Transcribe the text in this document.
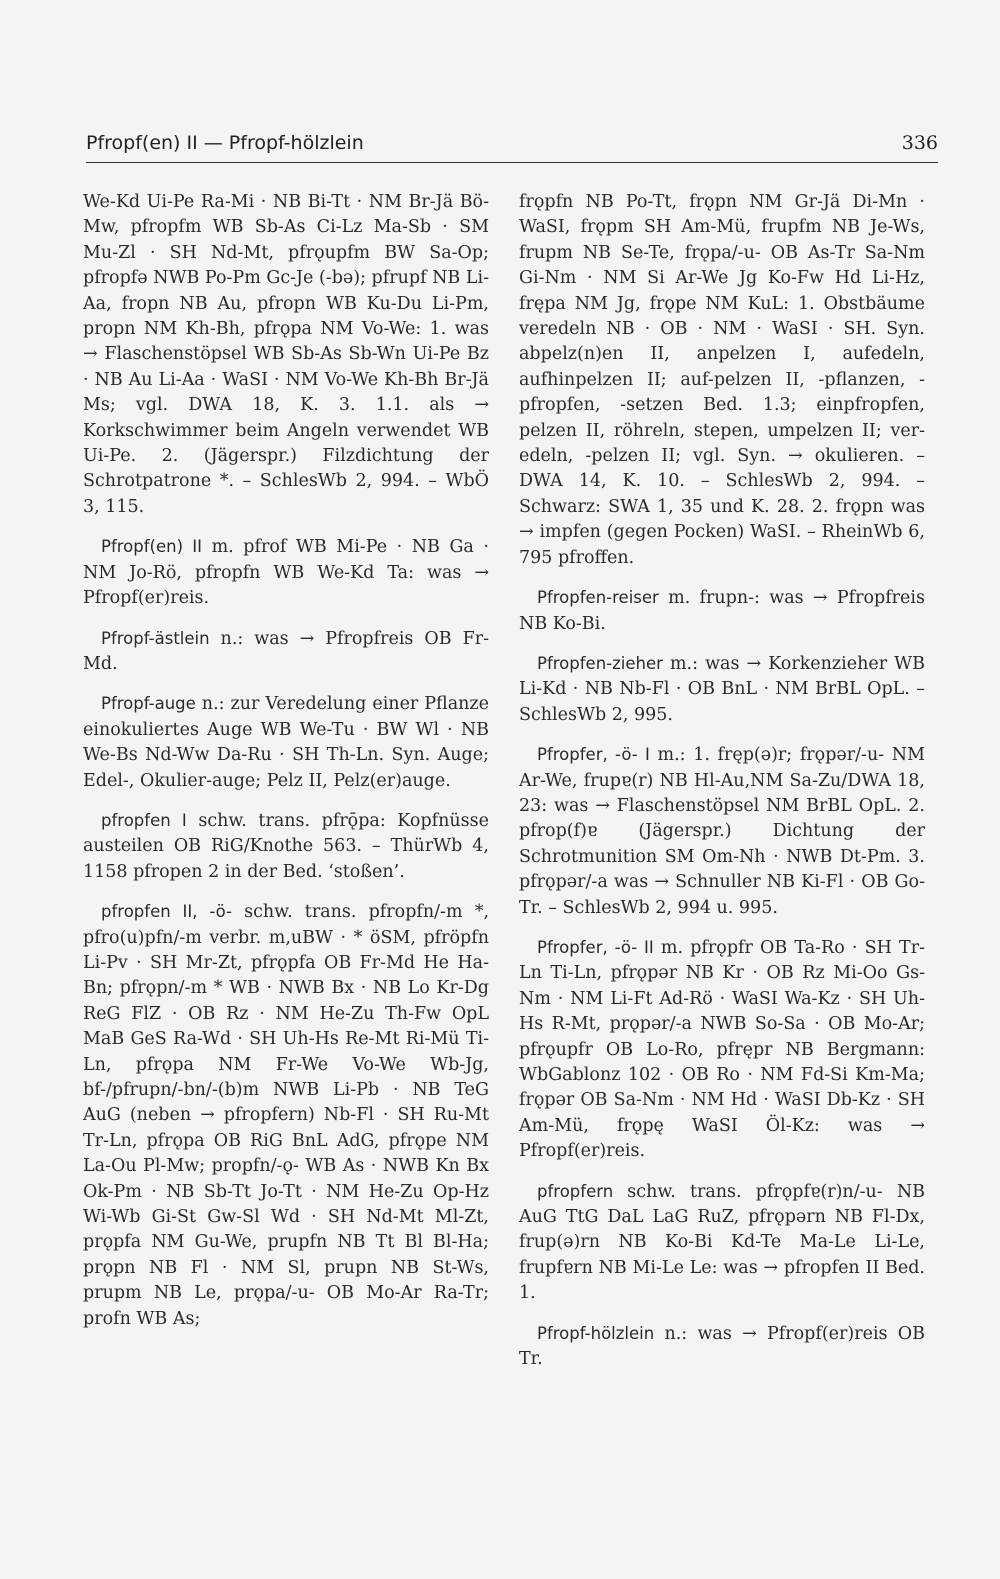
Pfropf(en) II — Pfropf-hölzlein	336

We-Kd Ui-Pe Ra-Mi · NB Bi-Tt · NM Br-Jä Bö-Mw, pfropfm WB Sb-As Ci-Lz Ma-Sb · SM Mu-Zl · SH Nd-Mt, pfrǫupfm BW Sa-Op; pfropfə NWB Po-Pm Gc-Je (-bə); pfrupf NB Li-Aa, fropn NB Au, pfropn WB Ku-Du Li-Pm, propn NM Kh-Bh, pfrǫpa NM Vo-We: 1. was → Flaschenstöpsel WB Sb-As Sb-Wn Ui-Pe Bz · NB Au Li-Aa · WaSI · NM Vo-We Kh-Bh Br-Jä Ms; vgl. DWA 18, K. 3. 1.1. als → Korkschwimmer beim Angeln verwendet WB Ui-Pe. 2. (Jägerspr.) Filzdichtung der Schrotpatrone *. – SchlesWb 2, 994. – WbÖ 3, 115.

Pfropf(en) II m. pfrof WB Mi-Pe · NB Ga · NM Jo-Rö, pfropfn WB We-Kd Ta: was → Pfropf(er)reis.

Pfropf-ästlein n.: was → Pfropfreis OB Fr-Md.

Pfropf-auge n.: zur Veredelung einer Pflanze einokuliertes Auge WB We-Tu · BW Wl · NB We-Bs Nd-Ww Da-Ru · SH Th-Ln. Syn. Auge; Edel-, Okulier-auge; Pelz II, Pelz(er)auge.

pfropfen I schw. trans. pfrǭpa: Kopfnüsse austeilen OB RiG/Knothe 563. – ThürWb 4, 1158 pfropen 2 in der Bed. ‘stoßen’.

pfropfen II, -ö- schw. trans. pfropfn/-m *, pfro(u)pfn/-m verbr. m,uBW · * öSM, pfröpfn Li-Pv · SH Mr-Zt, pfrǫpfa OB Fr-Md He Ha-Bn; pfrǫpn/-m * WB · NWB Bx · NB Lo Kr-Dg ReG FlZ · OB Rz · NM He-Zu Th-Fw OpL MaB GeS Ra-Wd · SH Uh-Hs Re-Mt Ri-Mü Ti-Ln, pfrǫpa NM Fr-We Vo-We Wb-Jg, bf-/pfrupn/-bn/-(b)m NWB Li-Pb · NB TeG AuG (neben → pfropfern) Nb-Fl · SH Ru-Mt Tr-Ln, pfrǫpa OB RiG BnL AdG, pfrǫpe NM La-Ou Pl-Mw; propfn/-ǫ- WB As · NWB Kn Bx Ok-Pm · NB Sb-Tt Jo-Tt · NM He-Zu Op-Hz Wi-Wb Gi-St Gw-Sl Wd · SH Nd-Mt Ml-Zt, prǫpfa NM Gu-We, prupfn NB Tt Bl Bl-Ha; prǫpn NB Fl · NM Sl, prupn NB St-Ws, prupm NB Le, prǫpa/-u- OB Mo-Ar Ra-Tr; profn WB As;

frǫpfn NB Po-Tt, frǫpn NM Gr-Jä Di-Mn · WaSI, frǫpm SH Am-Mü, frupfm NB Je-Ws, frupm NB Se-Te, frǫpa/-u- OB As-Tr Sa-Nm Gi-Nm · NM Si Ar-We Jg Ko-Fw Hd Li-Hz, frępa NM Jg, frǫpe NM KuL: 1. Obstbäume veredeln NB · OB · NM · WaSI · SH. Syn. abpelz(n)en II, anpelzen I, aufedeln, aufhinpelzen II; auf-pelzen II, -pflanzen, -pfropfen, -setzen Bed. 1.3; einpfropfen, pelzen II, röhreln, stepen, umpelzen II; ver-edeln, -pelzen II; vgl. Syn. → okulieren. – DWA 14, K. 10. – SchlesWb 2, 994. – Schwarz: SWA 1, 35 und K. 28. 2. frǫpn was → impfen (gegen Pocken) WaSI. – RheinWb 6, 795 pfroffen.

Pfropfen-reiser m. frupn-: was → Pfropfreis NB Ko-Bi.

Pfropfen-zieher m.: was → Korkenzieher WB Li-Kd · NB Nb-Fl · OB BnL · NM BrBL OpL. – SchlesWb 2, 995.

Pfropfer, -ö- I m.: 1. fręp(ə)r; frǫpər/-u- NM Ar-We, frupɐ(r) NB Hl-Au,NM Sa-Zu/DWA 18, 23: was → Flaschenstöpsel NM BrBL OpL. 2. pfrop(f)ɐ (Jägerspr.) Dichtung der Schrotmunition SM Om-Nh · NWB Dt-Pm. 3. pfrǫpər/-a was → Schnuller NB Ki-Fl · OB Go-Tr. – SchlesWb 2, 994 u. 995.

Pfropfer, -ö- II m. pfrǫpfr OB Ta-Ro · SH Tr-Ln Ti-Ln, pfrǫpər NB Kr · OB Rz Mi-Oo Gs-Nm · NM Li-Ft Ad-Rö · WaSI Wa-Kz · SH Uh-Hs R-Mt, prǫpər/-a NWB So-Sa · OB Mo-Ar; pfrǫupfr OB Lo-Ro, pfrępr NB Bergmann: WbGablonz 102 · OB Ro · NM Fd-Si Km-Ma; frǫpər OB Sa-Nm · NM Hd · WaSI Db-Kz · SH Am-Mü, frǫpę WaSI Öl-Kz: was → Pfropf(er)reis.

pfropfern schw. trans. pfrǫpfɐ(r)n/-u- NB AuG TtG DaL LaG RuZ, pfrǫpərn NB Fl-Dx, frup(ə)rn NB Ko-Bi Kd-Te Ma-Le Li-Le, frupfɐrn NB Mi-Le Le: was → pfropfen II Bed. 1.

Pfropf-hölzlein n.: was → Pfropf(er)reis OB Tr.
